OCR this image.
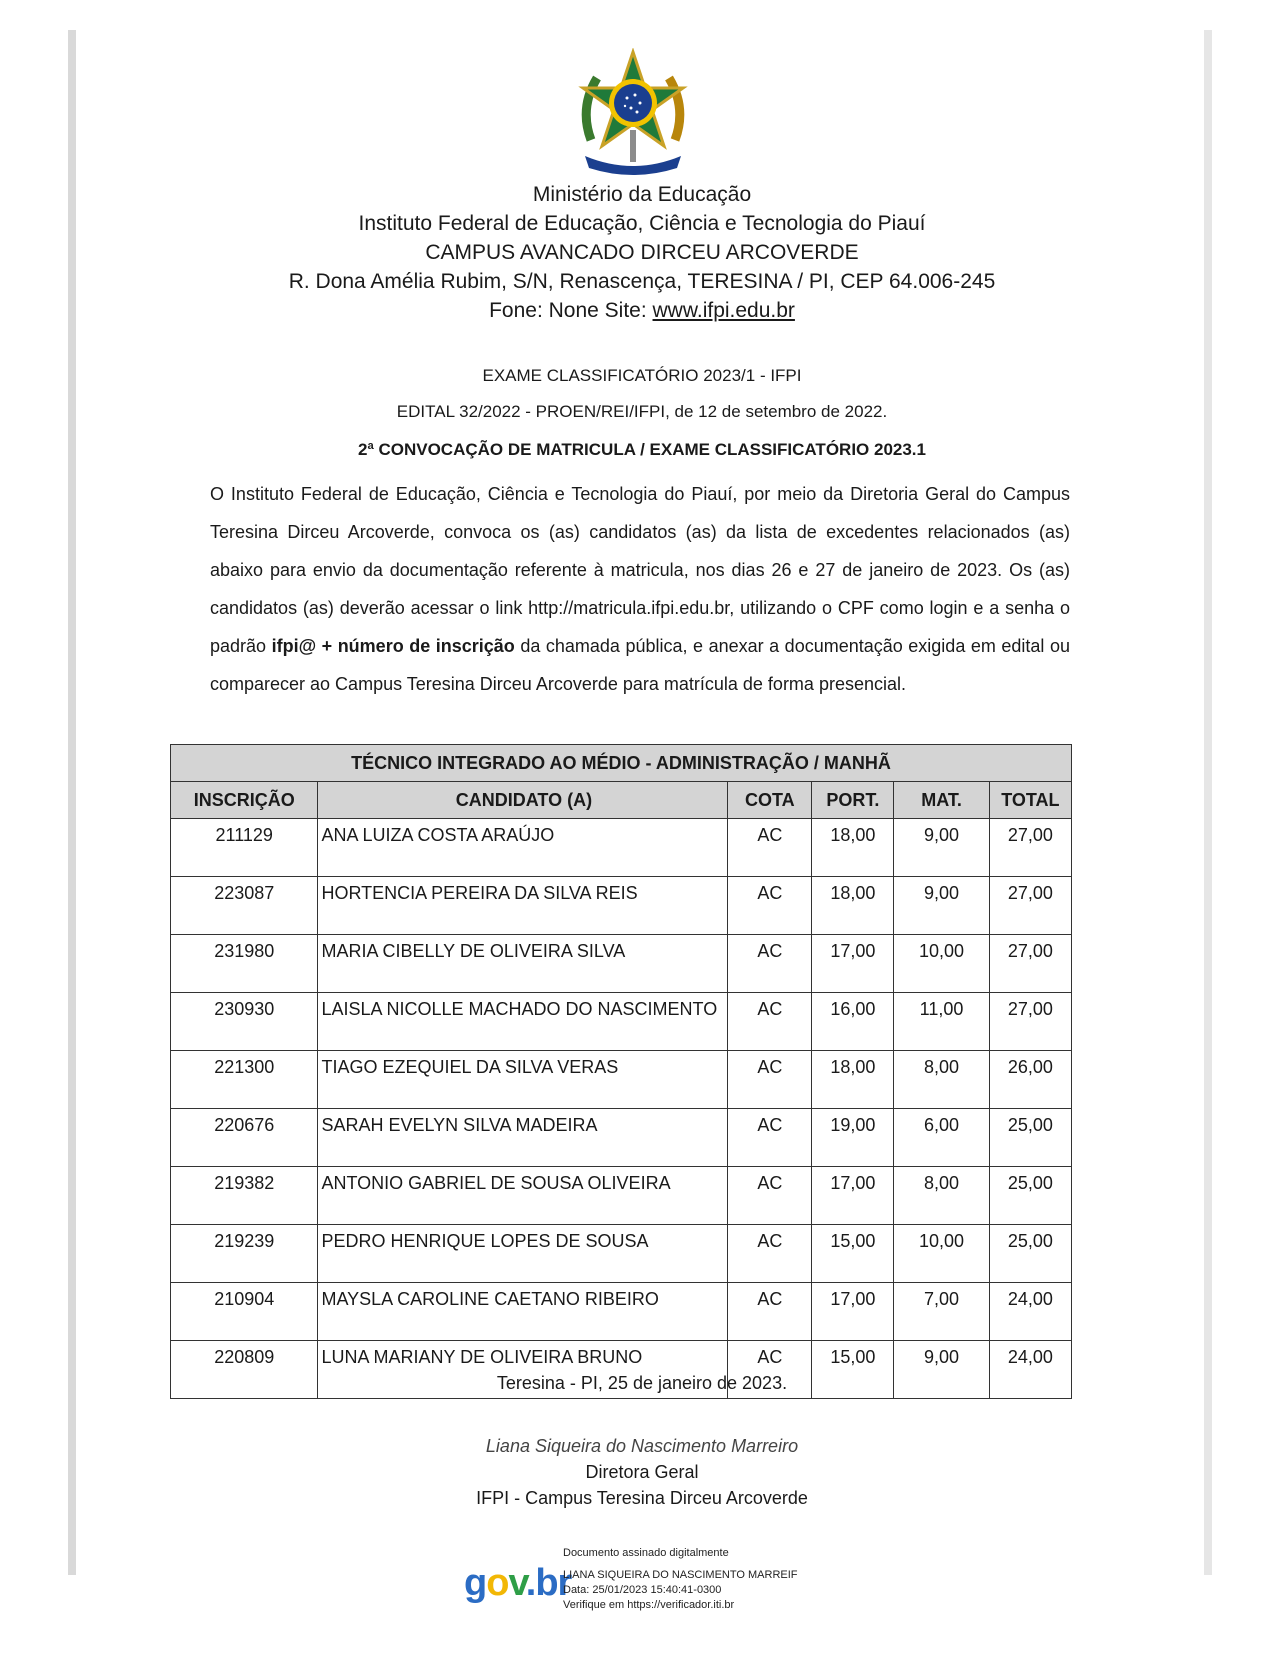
Ministério da Educação
Instituto Federal de Educação, Ciência e Tecnologia do Piauí
CAMPUS AVANCADO DIRCEU ARCOVERDE
R. Dona Amélia Rubim, S/N, Renascença, TERESINA / PI, CEP 64.006-245
Fone: None Site: www.ifpi.edu.br
EXAME CLASSIFICATÓRIO 2023/1 - IFPI
EDITAL 32/2022 - PROEN/REI/IFPI, de 12 de setembro de 2022.
2ª CONVOCAÇÃO DE MATRICULA / EXAME CLASSIFICATÓRIO 2023.1
O Instituto Federal de Educação, Ciência e Tecnologia do Piauí, por meio da Diretoria Geral do Campus Teresina Dirceu Arcoverde, convoca os (as) candidatos (as) da lista de excedentes relacionados (as) abaixo para envio da documentação referente à matricula, nos dias 26 e 27 de janeiro de 2023. Os (as) candidatos (as) deverão acessar o link http://matricula.ifpi.edu.br, utilizando o CPF como login e a senha o padrão ifpi@ + número de inscrição da chamada pública, e anexar a documentação exigida em edital ou comparecer ao Campus Teresina Dirceu Arcoverde para matrícula de forma presencial.
TÉCNICO INTEGRADO AO MÉDIO - ADMINISTRAÇÃO / MANHÃ					
INSCRIÇÃO	CANDIDATO (A)	COTA	PORT.	MAT.	TOTAL
211129	ANA LUIZA COSTA ARAÚJO	AC	18,00	9,00	27,00
223087	HORTENCIA PEREIRA DA SILVA REIS	AC	18,00	9,00	27,00
231980	MARIA CIBELLY DE OLIVEIRA SILVA	AC	17,00	10,00	27,00
230930	LAISLA NICOLLE MACHADO DO NASCIMENTO	AC	16,00	11,00	27,00
221300	TIAGO EZEQUIEL DA SILVA VERAS	AC	18,00	8,00	26,00
220676	SARAH EVELYN SILVA MADEIRA	AC	19,00	6,00	25,00
219382	ANTONIO GABRIEL DE SOUSA OLIVEIRA	AC	17,00	8,00	25,00
219239	PEDRO HENRIQUE LOPES DE SOUSA	AC	15,00	10,00	25,00
210904	MAYSLA CAROLINE CAETANO RIBEIRO	AC	17,00	7,00	24,00
220809	LUNA MARIANY DE OLIVEIRA BRUNO	AC	15,00	9,00	24,00
Teresina - PI, 25 de janeiro de 2023.
Liana Siqueira do Nascimento Marreiro
Diretora Geral
IFPI - Campus Teresina Dirceu Arcoverde
gov.br
Documento assinado digitalmente
LIANA SIQUEIRA DO NASCIMENTO MARREIF
Data: 25/01/2023 15:40:41-0300
Verifique em https://verificador.iti.br
